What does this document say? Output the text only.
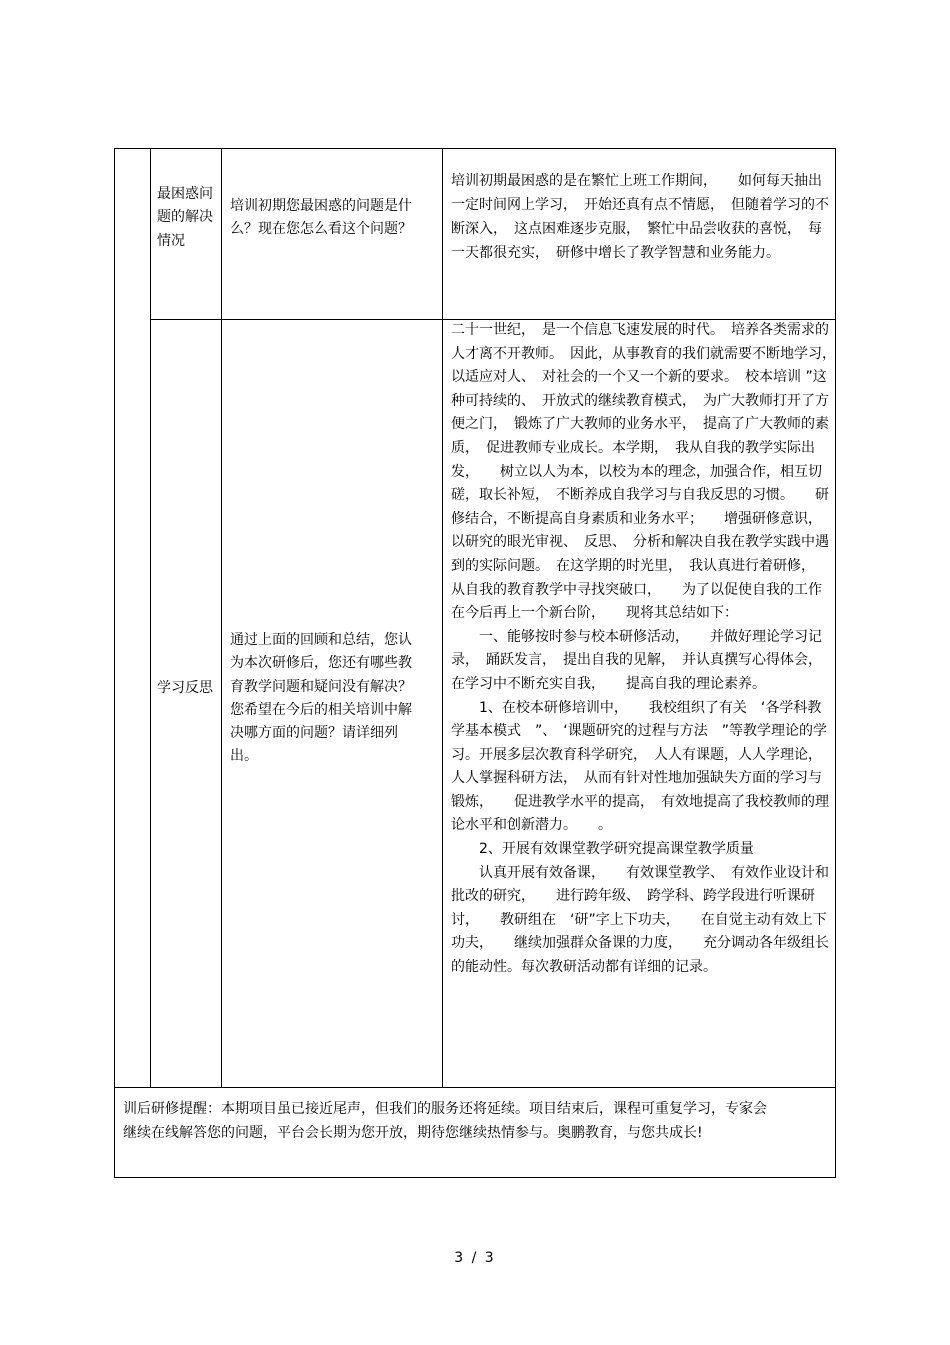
最困惑问题的解决情况

培训初期您最困惑的问题是什么？现在您怎么看这个问题？

培训初期最困惑的是在繁忙上班工作期间，　　如何每天抽出一定时间网上学习，　开始还真有点不情愿，　但随着学习的不断深入，　这点困难逐步克服，　繁忙中品尝收获的喜悦，　每一天都很充实，　研修中增长了教学智慧和业务能力。

学习反思

通过上面的回顾和总结，您认为本次研修后，您还有哪些教育教学问题和疑问没有解决？您希望在今后的相关培训中解决哪方面的问题？请详细列出。

二十一世纪，　是一个信息飞速发展的时代。　培养各类需求的人才离不开教师。　因此，从事教育的我们就需要不断地学习，　以适应对人、　对社会的一个又一个新的要求。　校本培训 ”这种可持续的、　开放式的继续教育模式，　为广大教师打开了方便之门，　锻炼了广大教师的业务水平，　提高了广大教师的素质，　促进教师专业成长。本学期，　我从自我的教学实际出发，　　树立以人为本，以校为本的理念，加强合作，相互切磋，取长补短，　不断养成自我学习与自我反思的习惯。　　研修结合，不断提高自身素质和业务水平；　　增强研修意识，以研究的眼光审视、　反思、　分析和解决自我在教学实践中遇到的实际问题。　在这学期的时光里，　我认真进行着研修，　从自我的教育教学中寻找突破口，　　为了以促使自我的工作在今后再上一个新台阶，　　现将其总结如下：

一、能够按时参与校本研修活动，　　并做好理论学习记录，　踊跃发言，　提出自我的见解，　并认真撰写心得体会，　在学习中不断充实自我，　　提高自我的理论素养。

1、在校本研修培训中，　　我校组织了有关　‘各学科教学基本模式　”、　‘课题研究的过程与方法　”等教学理论的学习。开展多层次教育科学研究，　人人有课题，人人学理论，　人人掌握科研方法，　从而有针对性地加强缺失方面的学习与锻炼，　　促进教学水平的提高，　有效地提高了我校教师的理论水平和创新潜力。　　。

2、开展有效课堂教学研究提高课堂教学质量

认真开展有效备课，　　有效课堂教学、　有效作业设计和批改的研究，　　进行跨年级、　跨学科、跨学段进行听课研讨，　　教研组在　‘研”字上下功夫，　　在自觉主动有效上下功夫，　　继续加强群众备课的力度，　　充分调动各年级组长的能动性。每次教研活动都有详细的记录。

训后研修提醒：本期项目虽已接近尾声，但我们的服务还将延续。项目结束后，课程可重复学习，专家会继续在线解答您的问题，平台会长期为您开放，期待您继续热情参与。奥鹏教育，与您共成长!

3 / 3
